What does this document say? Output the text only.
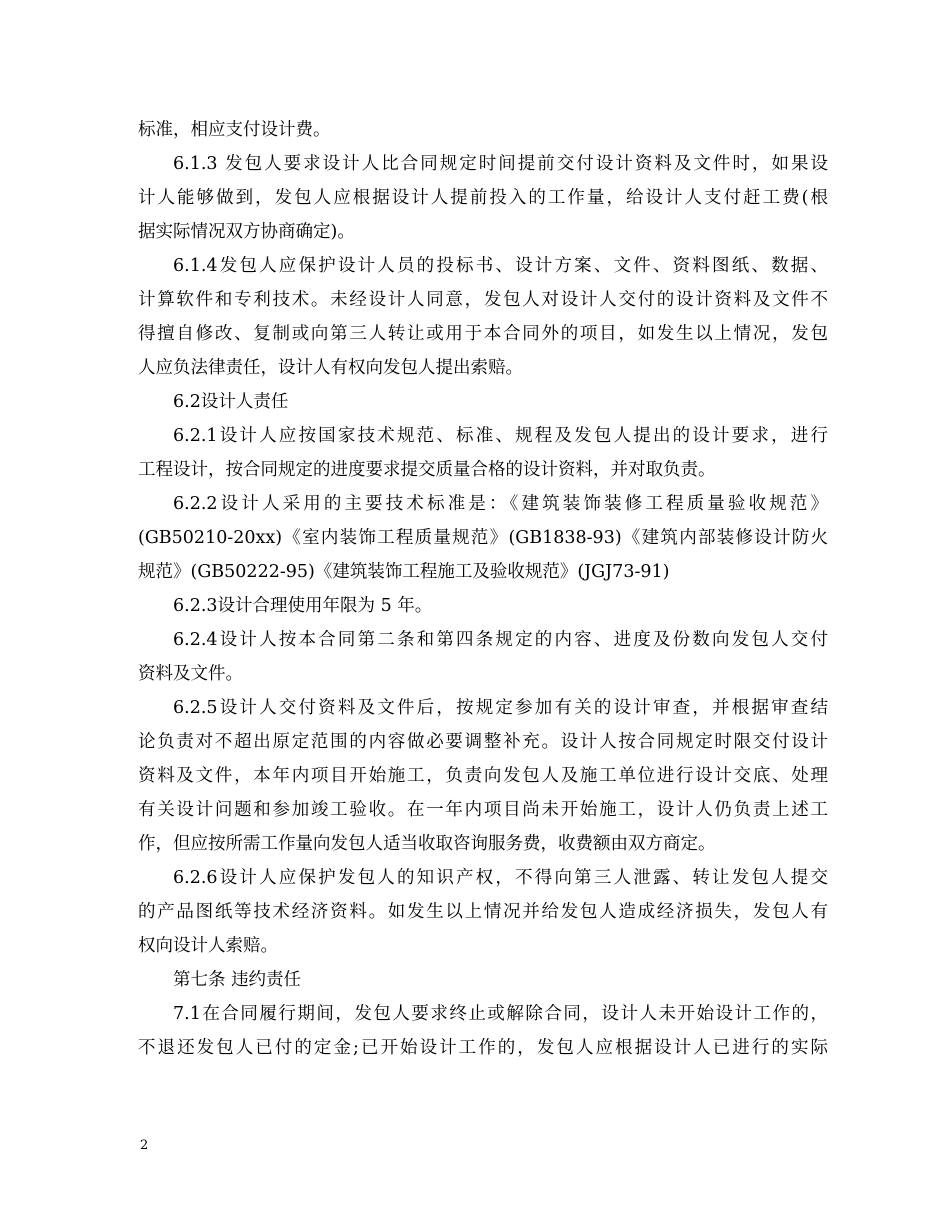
标准，相应支付设计费。
6.1.3 发包人要求设计人比合同规定时间提前交付设计资料及文件时，如果设
计人能够做到，发包人应根据设计人提前投入的工作量，给设计人支付赶工费(根
据实际情况双方协商确定)。
6.1.4发包人应保护设计人员的投标书、设计方案、文件、资料图纸、数据、
计算软件和专利技术。未经设计人同意，发包人对设计人交付的设计资料及文件不
得擅自修改、复制或向第三人转让或用于本合同外的项目，如发生以上情况，发包
人应负法律责任，设计人有权向发包人提出索赔。
6.2设计人责任
6.2.1设计人应按国家技术规范、标准、规程及发包人提出的设计要求，进行
工程设计，按合同规定的进度要求提交质量合格的设计资料，并对取负责。
6.2.2设计人采用的主要技术标准是：《建筑装饰装修工程质量验收规范》
(GB50210-20xx)《室内装饰工程质量规范》(GB1838-93)《建筑内部装修设计防火
规范》(GB50222-95)《建筑装饰工程施工及验收规范》(JGJ73-91)
6.2.3设计合理使用年限为 5 年。
6.2.4设计人按本合同第二条和第四条规定的内容、进度及份数向发包人交付
资料及文件。
6.2.5设计人交付资料及文件后，按规定参加有关的设计审查，并根据审查结
论负责对不超出原定范围的内容做必要调整补充。设计人按合同规定时限交付设计
资料及文件，本年内项目开始施工，负责向发包人及施工单位进行设计交底、处理
有关设计问题和参加竣工验收。在一年内项目尚未开始施工，设计人仍负责上述工
作，但应按所需工作量向发包人适当收取咨询服务费，收费额由双方商定。
6.2.6设计人应保护发包人的知识产权，不得向第三人泄露、转让发包人提交
的产品图纸等技术经济资料。如发生以上情况并给发包人造成经济损失，发包人有
权向设计人索赔。
第七条 违约责任
7.1在合同履行期间，发包人要求终止或解除合同，设计人未开始设计工作的，
不退还发包人已付的定金;已开始设计工作的，发包人应根据设计人已进行的实际
2
